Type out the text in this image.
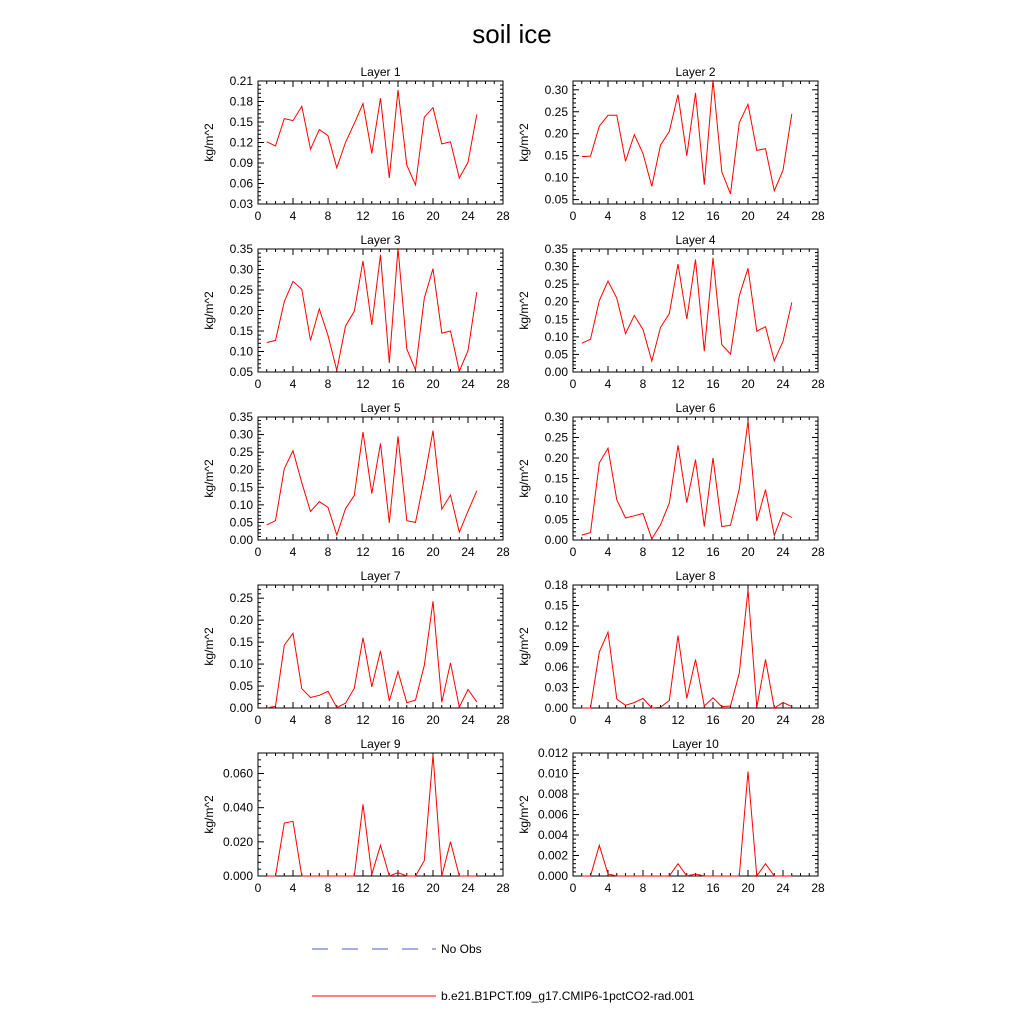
soil ice
Layer 1
0 4 8 12 16 20 24 28
0.03
0.06
0.09
0.12
0.15
0.18
0.21
kg/m^2
Layer 2
0 4 8 12 16 20 24 28
0.05
0.10
0.15
0.20
0.25
0.30
kg/m^2
Layer 3
0 4 8 12 16 20 24 28
0.05
0.10
0.15
0.20
0.25
0.30
0.35
kg/m^2
Layer 4
0 4 8 12 16 20 24 28
0.00
0.05
0.10
0.15
0.20
0.25
0.30
0.35
kg/m^2
Layer 5
0 4 8 12 16 20 24 28
0.00
0.05
0.10
0.15
0.20
0.25
0.30
0.35
kg/m^2
Layer 6
0 4 8 12 16 20 24 28
0.00
0.05
0.10
0.15
0.20
0.25
0.30
kg/m^2
Layer 7
0 4 8 12 16 20 24 28
0.00
0.05
0.10
0.15
0.20
0.25
kg/m^2
Layer 8
0 4 8 12 16 20 24 28
0.00
0.03
0.06
0.09
0.12
0.15
0.18
kg/m^2
Layer 9
0 4 8 12 16 20 24 28
0.000
0.020
0.040
0.060
kg/m^2
Layer 10
0 4 8 12 16 20 24 28
0.000
0.002
0.004
0.006
0.008
0.010
0.012
kg/m^2
No Obs
b.e21.B1PCT.f09_g17.CMIP6-1pctCO2-rad.001
